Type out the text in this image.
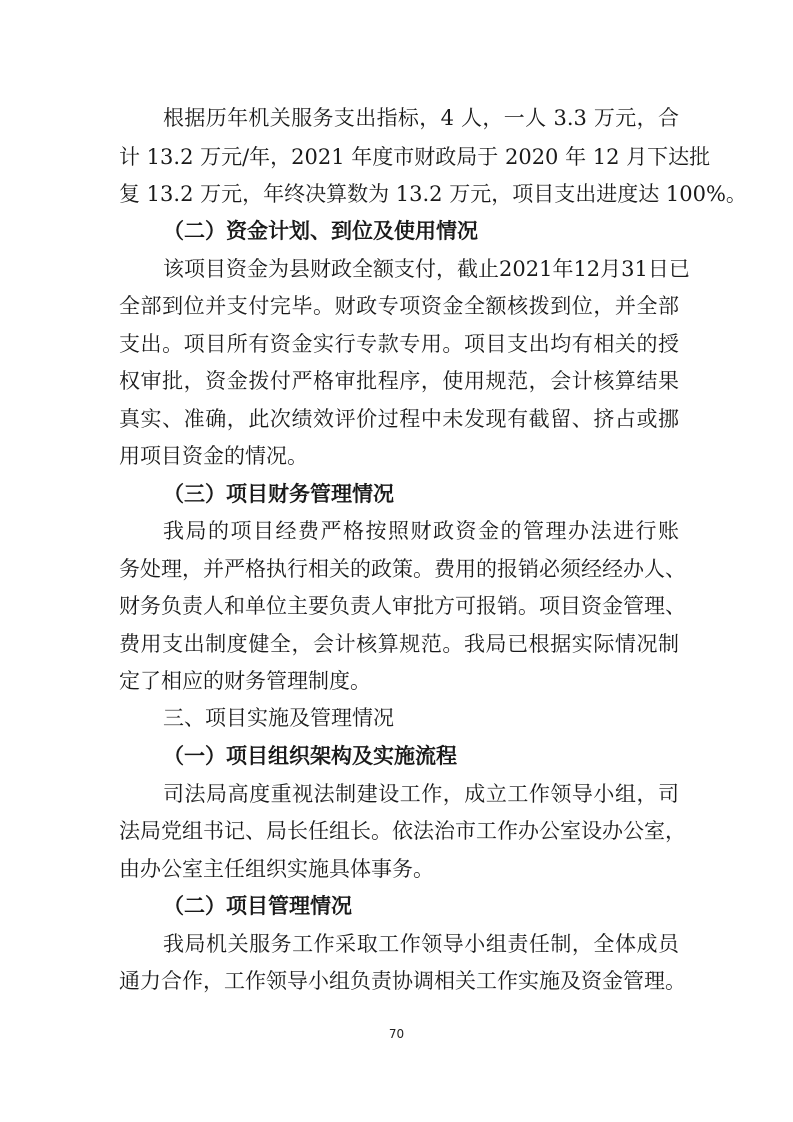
根据历年机关服务支出指标，4 人，一人 3.3 万元，合
计 13.2 万元/年，2021 年度市财政局于 2020 年 12 月下达批
复 13.2 万元，年终决算数为 13.2 万元，项目支出进度达 100%。
（二）资金计划、到位及使用情况
该项目资金为县财政全额支付，截止2021年12月31日已
全部到位并支付完毕。财政专项资金全额核拨到位，并全部
支出。项目所有资金实行专款专用。项目支出均有相关的授
权审批，资金拨付严格审批程序，使用规范，会计核算结果
真实、准确，此次绩效评价过程中未发现有截留、挤占或挪
用项目资金的情况。
（三）项目财务管理情况
我局的项目经费严格按照财政资金的管理办法进行账
务处理，并严格执行相关的政策。费用的报销必须经经办人、
财务负责人和单位主要负责人审批方可报销。项目资金管理、
费用支出制度健全，会计核算规范。我局已根据实际情况制
定了相应的财务管理制度。
三、项目实施及管理情况
（一）项目组织架构及实施流程
司法局高度重视法制建设工作，成立工作领导小组，司
法局党组书记、局长任组长。依法治市工作办公室设办公室，
由办公室主任组织实施具体事务。
（二）项目管理情况
我局机关服务工作采取工作领导小组责任制，全体成员
通力合作，工作领导小组负责协调相关工作实施及资金管理。
70
